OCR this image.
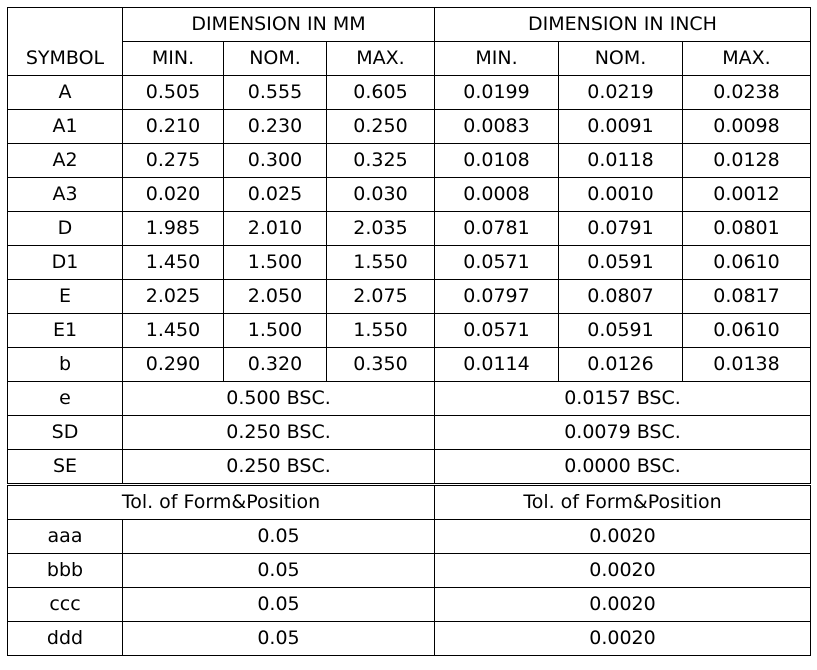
	DIMENSION IN MM			DIMENSION IN INCH		
SYMBOL	MIN.	NOM.	MAX.	MIN.	NOM.	MAX.
A	0.505	0.555	0.605	0.0199	0.0219	0.0238
A1	0.210	0.230	0.250	0.0083	0.0091	0.0098
A2	0.275	0.300	0.325	0.0108	0.0118	0.0128
A3	0.020	0.025	0.030	0.0008	0.0010	0.0012
D	1.985	2.010	2.035	0.0781	0.0791	0.0801
D1	1.450	1.500	1.550	0.0571	0.0591	0.0610
E	2.025	2.050	2.075	0.0797	0.0807	0.0817
E1	1.450	1.500	1.550	0.0571	0.0591	0.0610
b	0.290	0.320	0.350	0.0114	0.0126	0.0138
e	0.500 BSC.			0.0157 BSC.		
SD	0.250 BSC.			0.0079 BSC.		
SE	0.250 BSC.			0.0000 BSC.		
Tol. of Form&Position				Tol. of Form&Position		
aaa	0.05			0.0020		
bbb	0.05			0.0020		
ccc	0.05			0.0020		
ddd	0.05			0.0020		
